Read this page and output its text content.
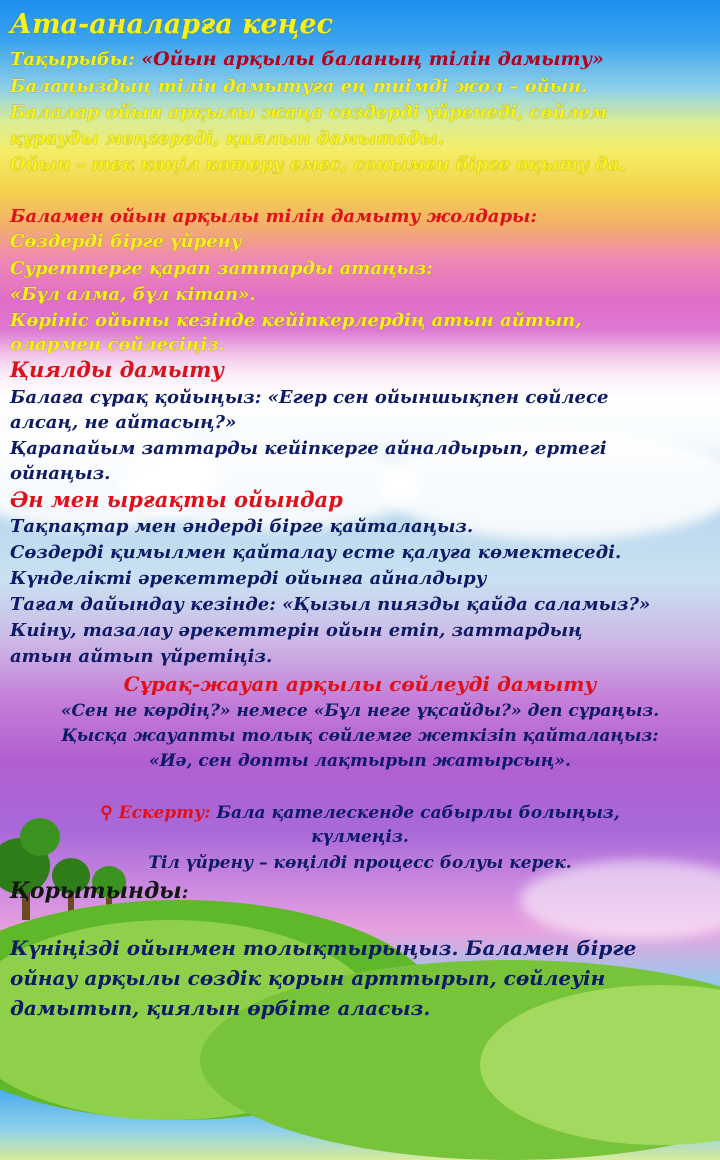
Ата-аналарға кеңес
Тақырыбы: «Ойын арқылы баланың тілін дамыту»
Балаңыздың тілін дамытуға ең тиімді жол – ойын.
Балалар ойын арқылы жаңа сөздерді үйренеді, сөйлем
құрауды меңгереді, қиялын дамытады.
Ойын – тек көңіл көтеру емес, сонымен бірге оқыту да.
Баламен ойын арқылы тілін дамыту жолдары:
Сөздерді бірге үйрену
Суреттерге қарап заттарды атаңыз:
«Бұл алма, бұл кітап».
Көрініс ойыны кезінде кейіпкерлердің атын айтып,
олармен сөйлесіңіз.
Қиялды дамыту
Балаға сұрақ қойыңыз: «Егер сен ойыншықпен сөйлесе
алсаң, не айтасың?»
Қарапайым заттарды кейіпкерге айналдырып, ертегі
ойнаңыз.
Ән мен ырғақты ойындар
Тақпақтар мен әндерді бірге қайталаңыз.
Сөздерді қимылмен қайталау есте қалуға көмектеседі.
Күнделікті әрекеттерді ойынға айналдыру
Тағам дайындау кезінде: «Қызыл пиязды қайда саламыз?»
Киіну, тазалау әрекеттерін ойын етіп, заттардың
атын айтып үйретіңіз.
Сұрақ-жауап арқылы сөйлеуді дамыту
«Сен не көрдің?» немесе «Бұл неге ұқсайды?» деп сұраңыз.
Қысқа жауапты толық сөйлемге жеткізіп қайталаңыз:
«Иә, сен допты лақтырып жатырсың».
⚲ Ескерту: Бала қателескенде сабырлы болыңыз,
күлмеңіз.
Тіл үйрену – көңілді процесс болуы керек.
Қорытынды:
Күніңізді ойынмен толықтырыңыз. Баламен бірге
ойнау арқылы сөздік қорын арттырып, сөйлеуін
дамытып, қиялын өрбіте аласыз.
